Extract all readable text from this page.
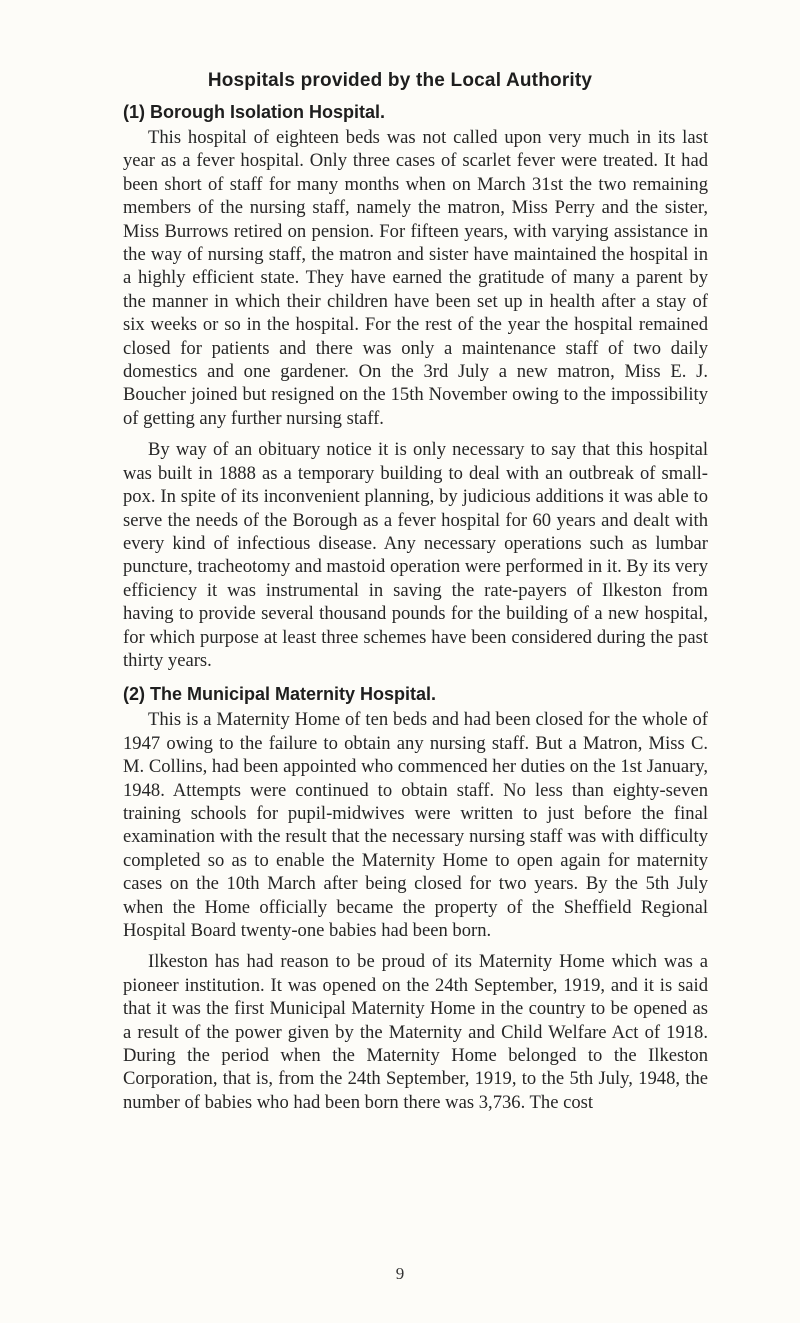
Hospitals provided by the Local Authority
(1) Borough Isolation Hospital.

This hospital of eighteen beds was not called upon very much in its last year as a fever hospital. Only three cases of scarlet fever were treated. It had been short of staff for many months when on March 31st the two remaining members of the nursing staff, namely the matron, Miss Perry and the sister, Miss Burrows retired on pension. For fifteen years, with varying assistance in the way of nursing staff, the matron and sister have maintained the hospital in a highly efficient state. They have earned the gratitude of many a parent by the manner in which their children have been set up in health after a stay of six weeks or so in the hospital. For the rest of the year the hospital remained closed for patients and there was only a maintenance staff of two daily domestics and one gardener. On the 3rd July a new matron, Miss E. J. Boucher joined but resigned on the 15th November owing to the impossibility of getting any further nursing staff.

By way of an obituary notice it is only necessary to say that this hospital was built in 1888 as a temporary building to deal with an outbreak of small-pox. In spite of its inconvenient planning, by judicious additions it was able to serve the needs of the Borough as a fever hospital for 60 years and dealt with every kind of infectious disease. Any necessary operations such as lumbar puncture, tracheotomy and mastoid operation were performed in it. By its very efficiency it was instrumental in saving the rate-payers of Ilkeston from having to provide several thousand pounds for the building of a new hospital, for which purpose at least three schemes have been considered during the past thirty years.

(2) The Municipal Maternity Hospital.

This is a Maternity Home of ten beds and had been closed for the whole of 1947 owing to the failure to obtain any nursing staff. But a Matron, Miss C. M. Collins, had been appointed who commenced her duties on the 1st January, 1948. Attempts were continued to obtain staff. No less than eighty-seven training schools for pupil-midwives were written to just before the final examination with the result that the necessary nursing staff was with difficulty completed so as to enable the Maternity Home to open again for maternity cases on the 10th March after being closed for two years. By the 5th July when the Home officially became the property of the Sheffield Regional Hospital Board twenty-one babies had been born.

Ilkeston has had reason to be proud of its Maternity Home which was a pioneer institution. It was opened on the 24th September, 1919, and it is said that it was the first Municipal Maternity Home in the country to be opened as a result of the power given by the Maternity and Child Welfare Act of 1918. During the period when the Maternity Home belonged to the Ilkeston Corporation, that is, from the 24th September, 1919, to the 5th July, 1948, the number of babies who had been born there was 3,736. The cost

9
